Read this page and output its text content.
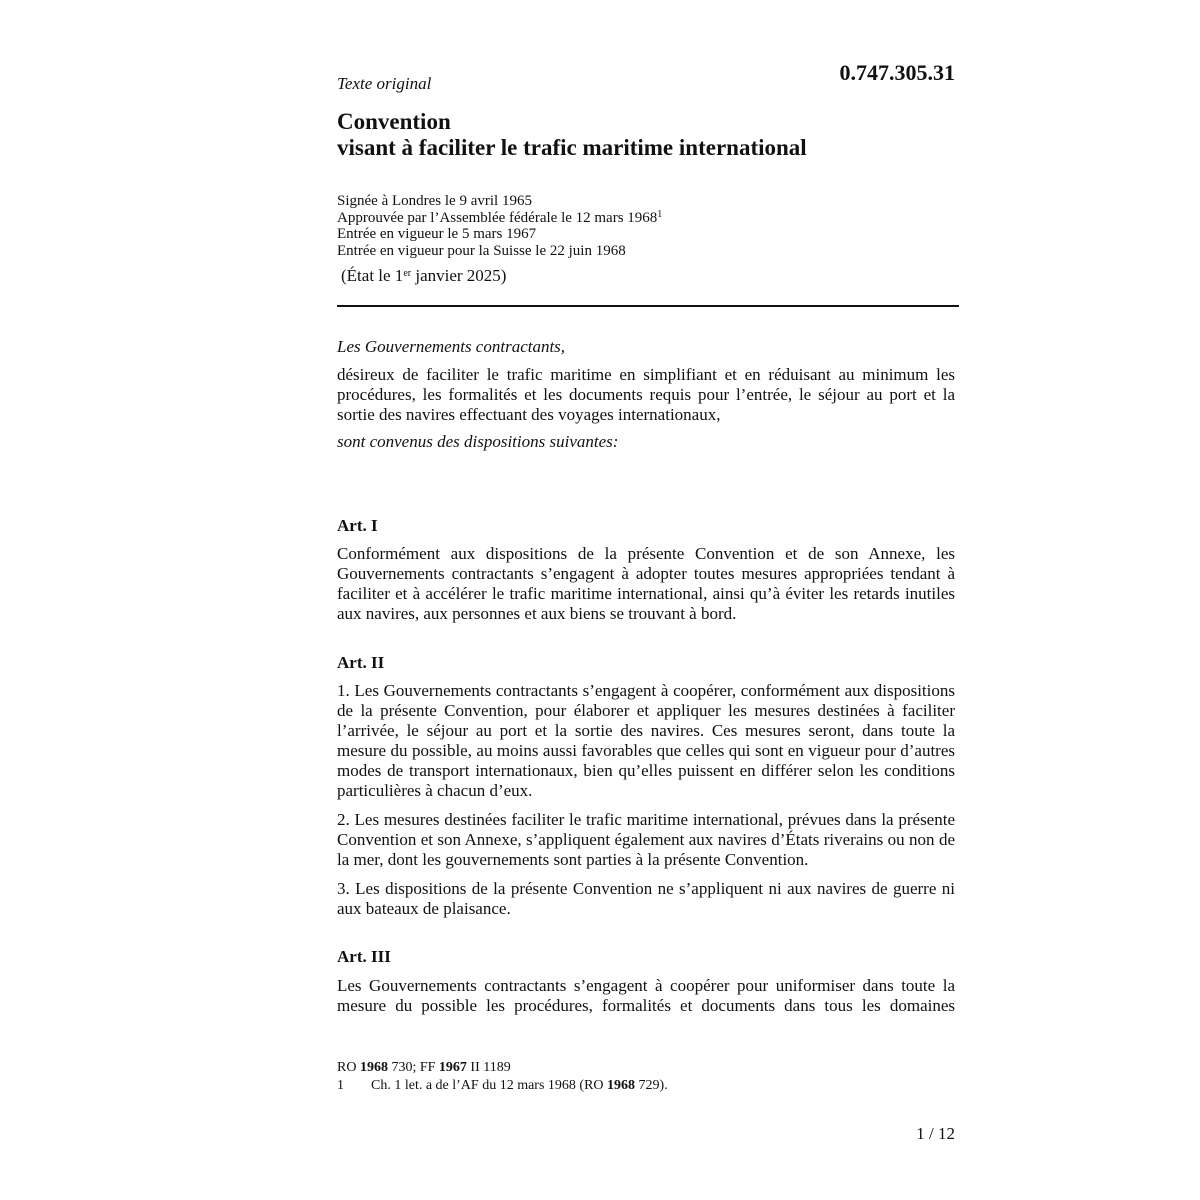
0.747.305.31
Texte original
Convention
visant à faciliter le trafic maritime international
Signée à Londres le 9 avril 1965
Approuvée par l’Assemblée fédérale le 12 mars 1968$^1$
Entrée en vigueur le 5 mars 1967
Entrée en vigueur pour la Suisse le 22 juin 1968
(État le 1er janvier 2025)

Les Gouvernements contractants,

désireux de faciliter le trafic maritime en simplifiant et en réduisant au minimum les procédures, les formalités et les documents requis pour l’entrée, le séjour au port et la sortie des navires effectuant des voyages internationaux,

sont convenus des dispositions suivantes:

Art. I

Conformément aux dispositions de la présente Convention et de son Annexe, les Gouvernements contractants s’engagent à adopter toutes mesures appropriées tendant à faciliter et à accélérer le trafic maritime international, ainsi qu’à éviter les retards inutiles aux navires, aux personnes et aux biens se trouvant à bord.

Art. II

1. Les Gouvernements contractants s’engagent à coopérer, conformément aux dispositions de la présente Convention, pour élaborer et appliquer les mesures destinées à faciliter l’arrivée, le séjour au port et la sortie des navires. Ces mesures seront, dans toute la mesure du possible, au moins aussi favorables que celles qui sont en vigueur pour d’autres modes de transport internationaux, bien qu’elles puissent en différer selon les conditions particulières à chacun d’eux.

2. Les mesures destinées faciliter le trafic maritime international, prévues dans la présente Convention et son Annexe, s’appliquent également aux navires d’États riverains ou non de la mer, dont les gouvernements sont parties à la présente Convention.

3. Les dispositions de la présente Convention ne s’appliquent ni aux navires de guerre ni aux bateaux de plaisance.

Art. III

Les Gouvernements contractants s’engagent à coopérer pour uniformiser dans toute la mesure du possible les procédures, formalités et documents dans tous les domaines

RO 1968 730; FF 1967 II 1189
1 Ch. 1 let. a de l’AF du 12 mars 1968 (RO 1968 729).
1 / 12
